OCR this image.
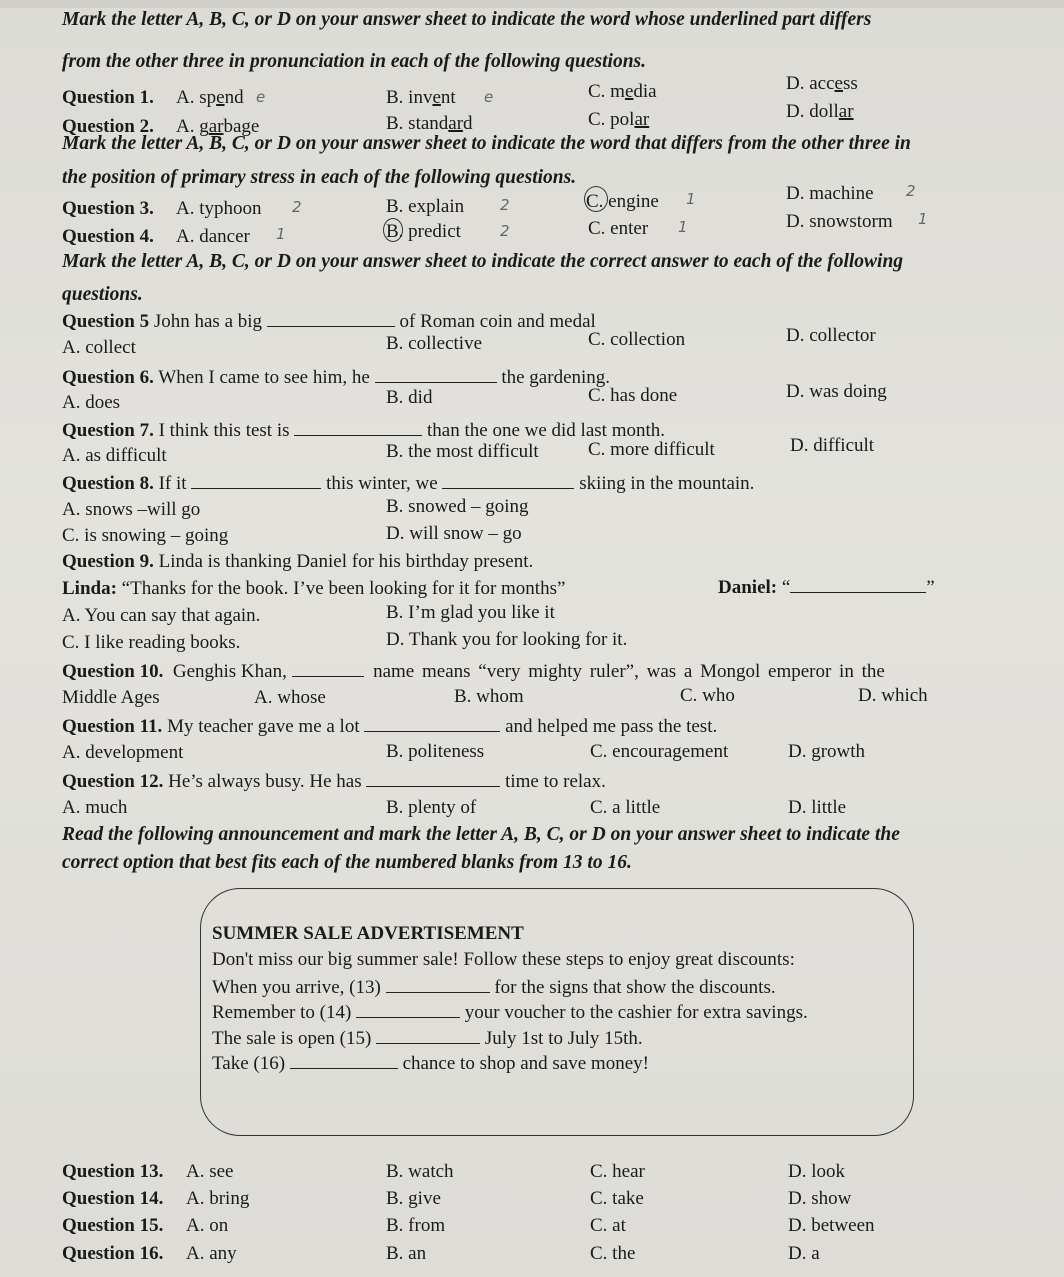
Mark the letter A, B, C, or D on your answer sheet to indicate the word whose underlined part differs
from the other three in pronunciation in each of the following questions.
Question 1. A. spend e	B. invent e	C. media	D. access
Question 2. A. garbage	B. standard	C. polar	D. dollar
Mark the letter A, B, C, or D on your answer sheet to indicate the word that differs from the other three in
the position of primary stress in each of the following questions.
Question 3. A. typhoon 2	B. explain 2	C. engine 1	D. machine 2
Question 4. A. dancer 1	B. predict	2	C. enter 1	D. snowstorm 1
Mark the letter A, B, C, or D on your answer sheet to indicate the correct answer to each of the following
questions.
Question 5 John has a big	of Roman coin and medal
A. collect	B. collective	C. collection	D. collector
Question 6. When I came to see him, he	the gardening.
A. does	B. did	C. has done	D. was doing
Question 7. I think this test is	than the one we did last month.
A. as difficult	B. the most difficult	C. more difficult	D. difficult
Question 8. If it	this winter, we	skiing in the mountain.
A. snows –will go	B. snowed – going
C. is snowing – going	D. will snow – go
Question 9. Linda is thanking Daniel for his birthday present.
Linda: “Thanks for the book. I’ve been looking for it for months”	Daniel: “	”
A. You can say that again.	B. I’m glad you like it
C. I like reading books.	D. Thank you for looking for it.
Question 10. Genghis Khan,	name means “very mighty ruler”, was a Mongol emperor in the
Middle Ages	A. whose	B. whom	C. who	D. which
Question 11. My teacher gave me a lot	and helped me pass the test.
A. development	B. politeness	C. encouragement	D. growth
Question 12. He’s always busy. He has	time to relax.
A. much	B. plenty of	C. a little	D. little
Read the following announcement and mark the letter A, B, C, or D on your answer sheet to indicate the
correct option that best fits each of the numbered blanks from 13 to 16.
SUMMER SALE ADVERTISEMENT
Don't miss our big summer sale! Follow these steps to enjoy great discounts:
When you arrive, (13)	for the signs that show the discounts.
Remember to (14)	your voucher to the cashier for extra savings.
The sale is open (15)	July 1st to July 15th.
Take (16)	chance to shop and save money!
Question 13. A. see	B. watch	C. hear	D. look
Question 14. A. bring	B. give	C. take	D. show
Question 15. A. on	B. from	C. at	D. between
Question 16. A. any	B. an	C. the	D. a
